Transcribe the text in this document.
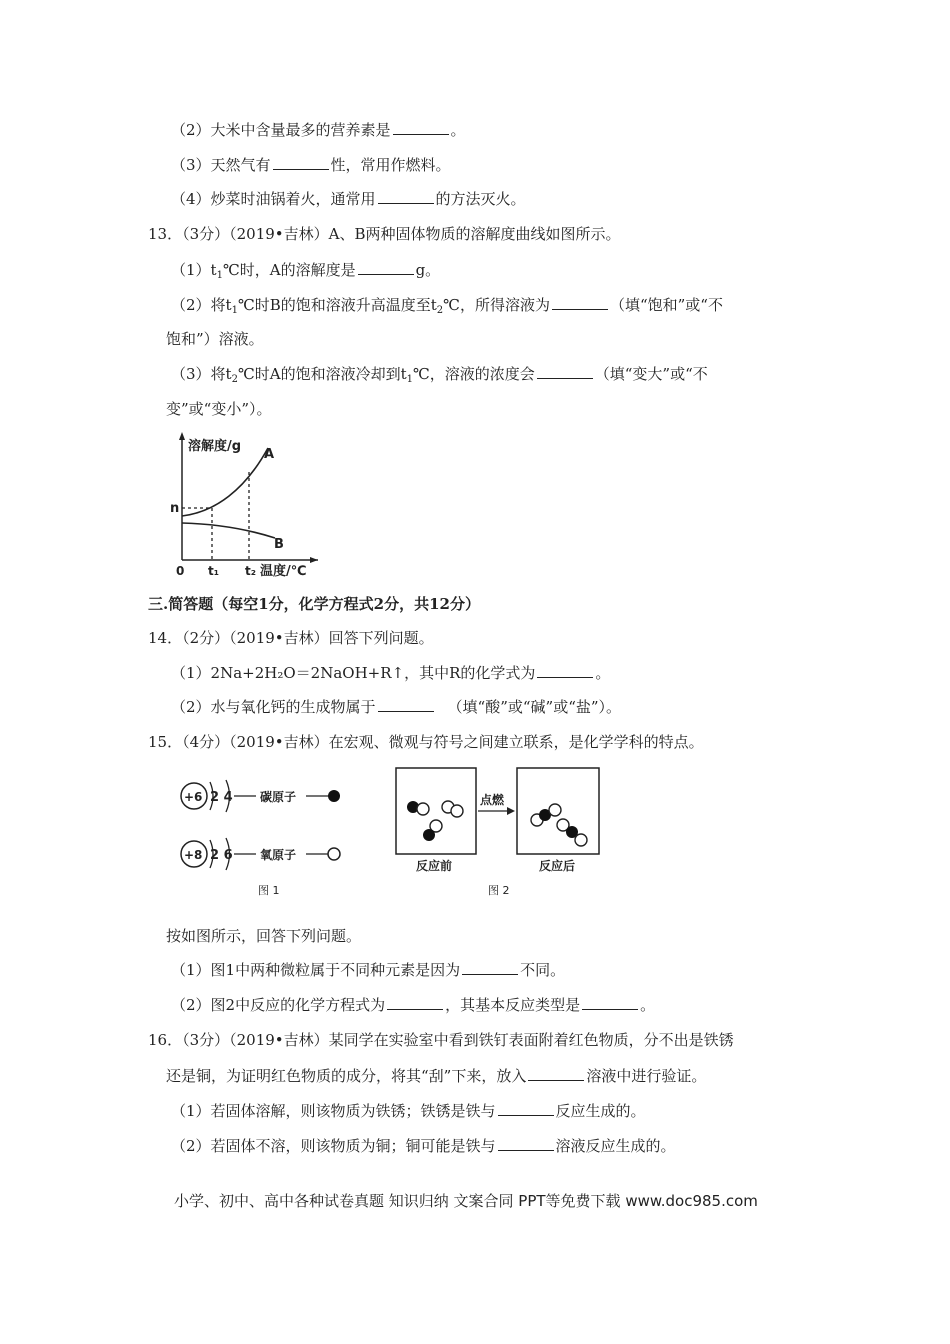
（2）大米中含量最多的营养素是	。
（3）天然气有	性，常用作燃料。
（4）炒菜时油锅着火，通常用	的方法灭火。
13．（3分）（2019•吉林）A、B两种固体物质的溶解度曲线如图所示。
$(1)t_1℃$时，A的溶解度是	g。
（2）将$t_1℃$时B的饱和溶液升高温度至$t_2℃$，所得溶液为	（填“饱和”或“不
饱和”）溶液。
（3）将$t_2℃$时A的饱和溶液冷却到$t_1℃$，溶液的浓度会	（填“变大”或“不
变”或“变小”）。
溶解度/g
n
0 t₁ t₂ 温度/℃
A
B
三.简答题（每空1分，化学方程式2分，共12分）
14．（2分）（2019•吉林）回答下列问题。
（1）2Na+2H₂O＝2NaOH+R↑，其中R的化学式为	。
（2）水与氧化钙的生成物属于	（填“酸”或“碱”或“盐”）。
15．（4分）（2019•吉林）在宏观、微观与符号之间建立联系，是化学学科的特点。
+6 2 4 碳原子
+8 2 6 氧原子
图 1
点燃
反应前	反应后
图 2
按如图所示，回答下列问题。
（1）图1中两种微粒属于不同种元素是因为	不同。
（2）图2中反应的化学方程式为	，其基本反应类型是	。
16．（3分）（2019•吉林）某同学在实验室中看到铁钉表面附着红色物质，分不出是铁锈
还是铜，为证明红色物质的成分，将其“刮”下来，放入	溶液中进行验证。
（1）若固体溶解，则该物质为铁锈；铁锈是铁与	反应生成的。
（2）若固体不溶，则该物质为铜；铜可能是铁与	溶液反应生成的。
小学、初中、高中各种试卷真题 知识归纳 文案合同 PPT等免费下载 www.doc985.com
